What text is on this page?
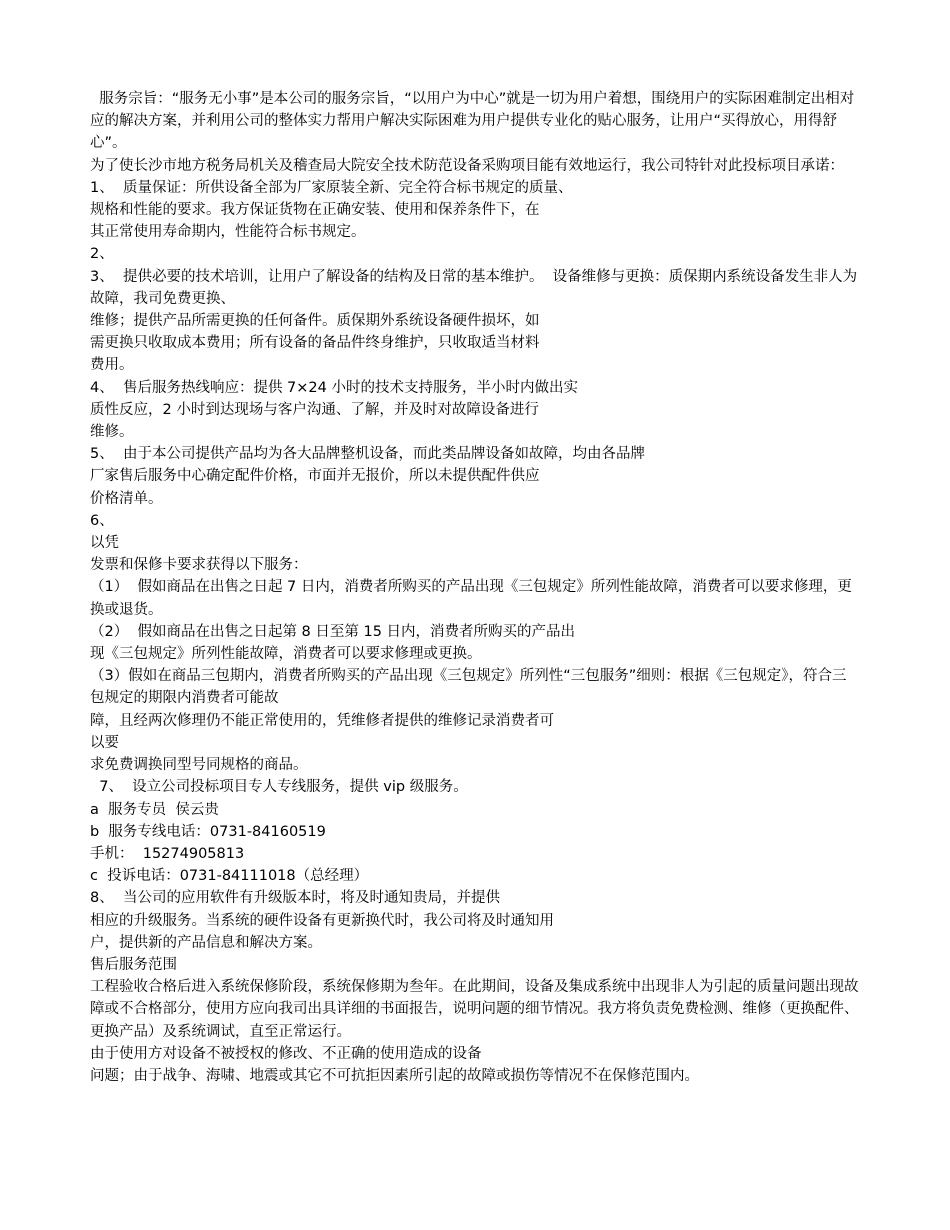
服务宗旨：“服务无小事”是本公司的服务宗旨，“以用户为中心”就是一切为用户着想，围绕用户的实际困难制定出相对应的解决方案，并利用公司的整体实力帮用户解决实际困难为用户提供专业化的贴心服务，让用户“买得放心，用得舒心”。

为了使长沙市地方税务局机关及稽查局大院安全技术防范设备采购项目能有效地运行，我公司特针对此投标项目承诺：

1、  质量保证：所供设备全部为厂家原装全新、完全符合标书规定的质量、

规格和性能的要求。我方保证货物在正确安装、使用和保养条件下，在

其正常使用寿命期内，性能符合标书规定。

2、

3、  提供必要的技术培训，让用户了解设备的结构及日常的基本维护。  设备维修与更换：质保期内系统设备发生非人为故障，我司免费更换、

维修；提供产品所需更换的任何备件。质保期外系统设备硬件损坏，如

需更换只收取成本费用；所有设备的备品件终身维护，只收取适当材料

费用。

4、  售后服务热线响应：提供 7×24 小时的技术支持服务，半小时内做出实

质性反应，2 小时到达现场与客户沟通、了解，并及时对故障设备进行

维修。

5、  由于本公司提供产品均为各大品牌整机设备，而此类品牌设备如故障，均由各品牌

厂家售后服务中心确定配件价格，市面并无报价，所以未提供配件供应

价格清单。

6、

以凭

发票和保修卡要求获得以下服务：

（1）  假如商品在出售之日起 7 日内，消费者所购买的产品出现《三包规定》所列性能故障，消费者可以要求修理，更换或退货。

（2）  假如商品在出售之日起第 8 日至第 15 日内，消费者所购买的产品出

现《三包规定》所列性能故障，消费者可以要求修理或更换。

（3）假如在商品三包期内，消费者所购买的产品出现《三包规定》所列性“三包服务”细则：根据《三包规定》，符合三包规定的期限内消费者可能故

障，且经两次修理仍不能正常使用的，凭维修者提供的维修记录消费者可

以要

求免费调换同型号同规格的商品。

7、  设立公司投标项目专人专线服务，提供 vip 级服务。

a  服务专员  侯云贵

b  服务专线电话：0731-84160519

手机：  15274905813

c  投诉电话：0731-84111018（总经理）

8、  当公司的应用软件有升级版本时，将及时通知贵局，并提供

相应的升级服务。当系统的硬件设备有更新换代时，我公司将及时通知用

户，提供新的产品信息和解决方案。

售后服务范围

工程验收合格后进入系统保修阶段，系统保修期为叁年。在此期间，设备及集成系统中出现非人为引起的质量问题出现故障或不合格部分，使用方应向我司出具详细的书面报告，说明问题的细节情况。我方将负责免费检测、维修（更换配件、更换产品）及系统调试，直至正常运行。

由于使用方对设备不被授权的修改、不正确的使用造成的设备

问题；由于战争、海啸、地震或其它不可抗拒因素所引起的故障或损伤等情况不在保修范围内。
